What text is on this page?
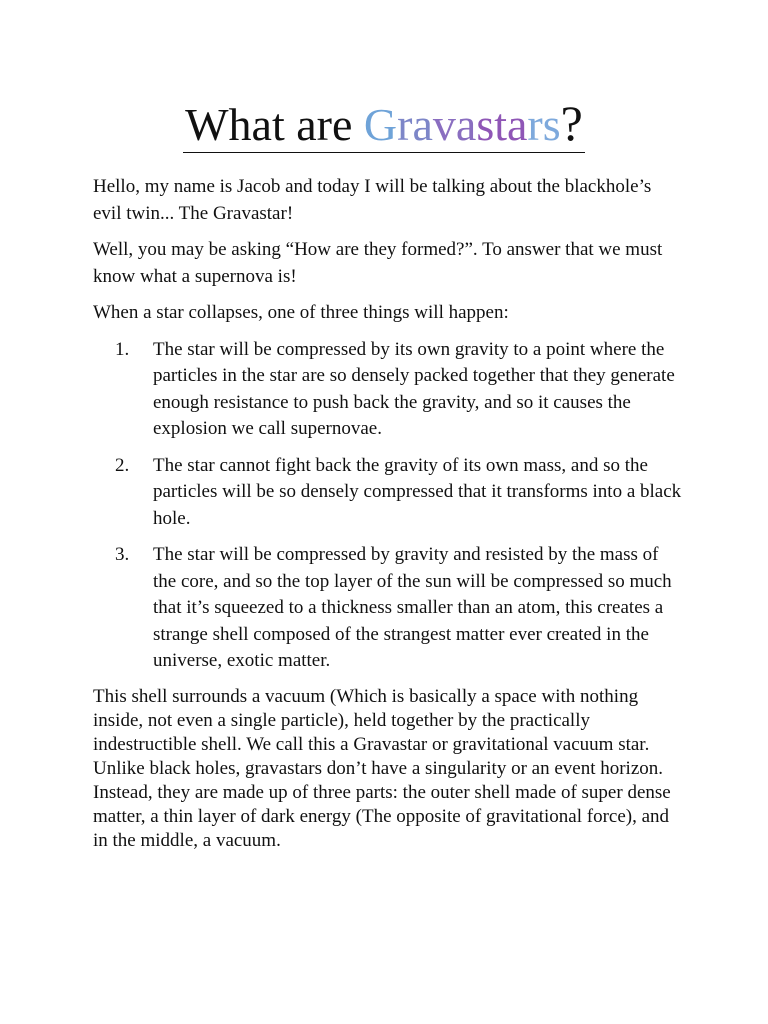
What are Gravastars?

Hello, my name is Jacob and today I will be talking about the blackhole’s evil twin... The Gravastar!

Well, you may be asking “How are they formed?”. To answer that we must know what a supernova is!

When a star collapses, one of three things will happen:

1. The star will be compressed by its own gravity to a point where the particles in the star are so densely packed together that they generate enough resistance to push back the gravity, and so it causes the explosion we call supernovae.
2. The star cannot fight back the gravity of its own mass, and so the particles will be so densely compressed that it transforms into a black hole.
3. The star will be compressed by gravity and resisted by the mass of the core, and so the top layer of the sun will be compressed so much that it’s squeezed to a thickness smaller than an atom, this creates a strange shell composed of the strangest matter ever created in the universe, exotic matter.

This shell surrounds a vacuum (Which is basically a space with nothing inside, not even a single particle), held together by the practically indestructible shell. We call this a Gravastar or gravitational vacuum star. Unlike black holes, gravastars don’t have a singularity or an event horizon. Instead, they are made up of three parts: the outer shell made of super dense matter, a thin layer of dark energy (The opposite of gravitational force), and in the middle, a vacuum.
